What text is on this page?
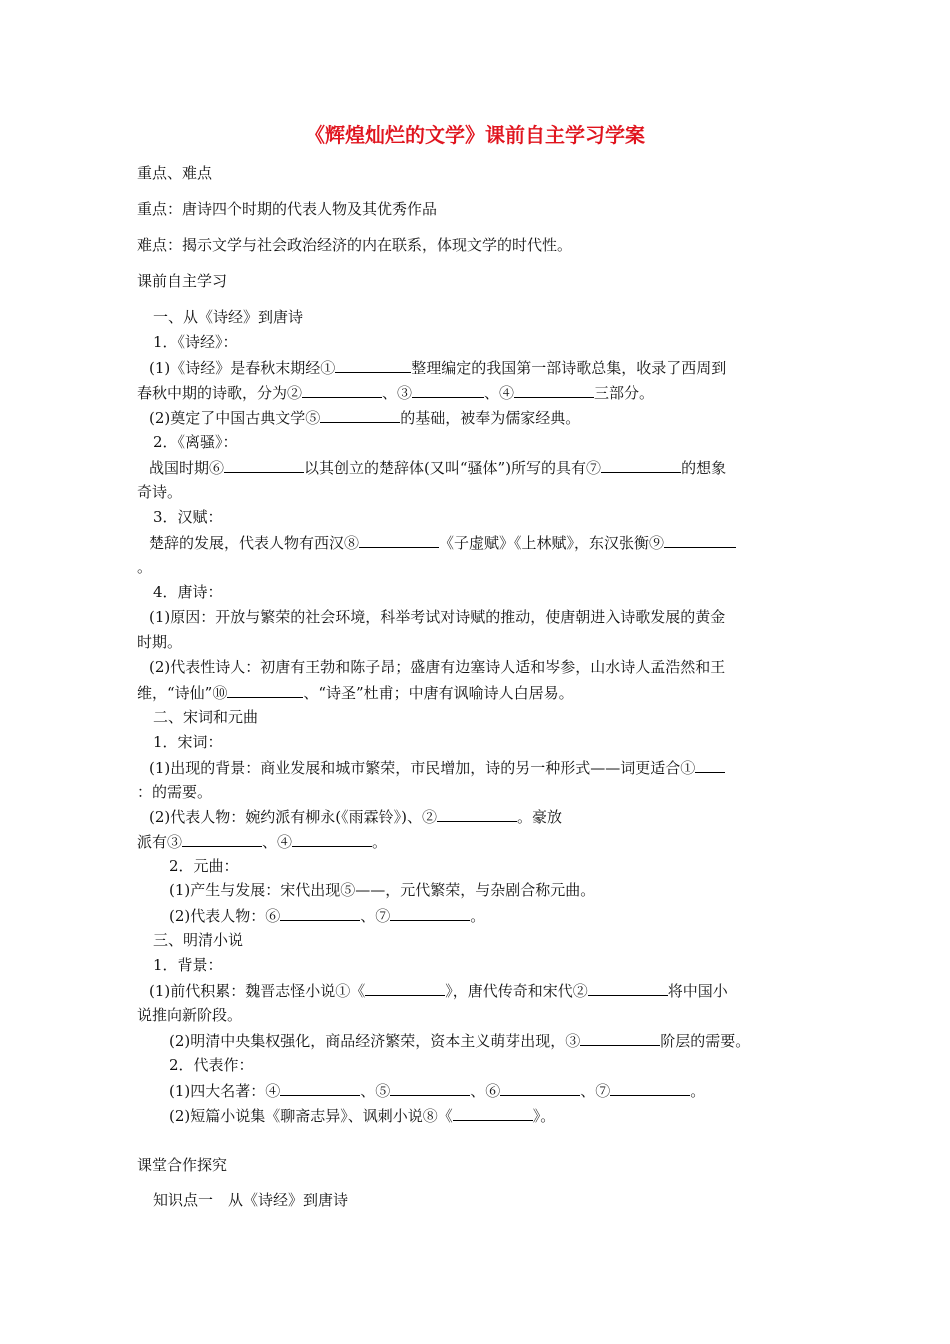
《辉煌灿烂的文学》课前自主学习学案
重点、难点
重点：唐诗四个时期的代表人物及其优秀作品
难点：揭示文学与社会政治经济的内在联系，体现文学的时代性。
课前自主学习
一、从《诗经》到唐诗
1．《诗经》：
(1)《诗经》是春秋末期经①	整理编定的我国第一部诗歌总集，收录了西周到
春秋中期的诗歌，分为②	、③	、④	三部分。
(2)奠定了中国古典文学⑤	的基础，被奉为儒家经典。
2．《离骚》：
战国时期⑥	以其创立的楚辞体(又叫“骚体”)所写的具有⑦	的想象
奇诗。
3．汉赋：
楚辞的发展，代表人物有西汉⑧	《子虚赋》《上林赋》，东汉张衡⑨
。
4．唐诗：
(1)原因：开放与繁荣的社会环境，科举考试对诗赋的推动，使唐朝进入诗歌发展的黄金
时期。
(2)代表性诗人：初唐有王勃和陈子昂；盛唐有边塞诗人适和岑参，山水诗人孟浩然和王
维，“诗仙”⑩	、“诗圣”杜甫；中唐有讽喻诗人白居易。
二、宋词和元曲
1．宋词：
(1)出现的背景：商业发展和城市繁荣，市民增加，诗的另一种形式——词更适合①
：的需要。
(2)代表人物：婉约派有柳永(《雨霖铃》)、②	。豪放
派有③	、④	。
2．元曲：
(1)产生与发展：宋代出现⑤——，元代繁荣，与杂剧合称元曲。
(2)代表人物：⑥	、⑦	。
三、明清小说
1．背景：
(1)前代积累：魏晋志怪小说①《	》，唐代传奇和宋代②	将中国小
说推向新阶段。
(2)明清中央集权强化，商品经济繁荣，资本主义萌芽出现，③	阶层的需要。
2．代表作：
(1)四大名著：④	、⑤	、⑥	、⑦	。
(2)短篇小说集《聊斋志异》、讽刺小说⑧《	》。
课堂合作探究
知识点一　从《诗经》到唐诗
